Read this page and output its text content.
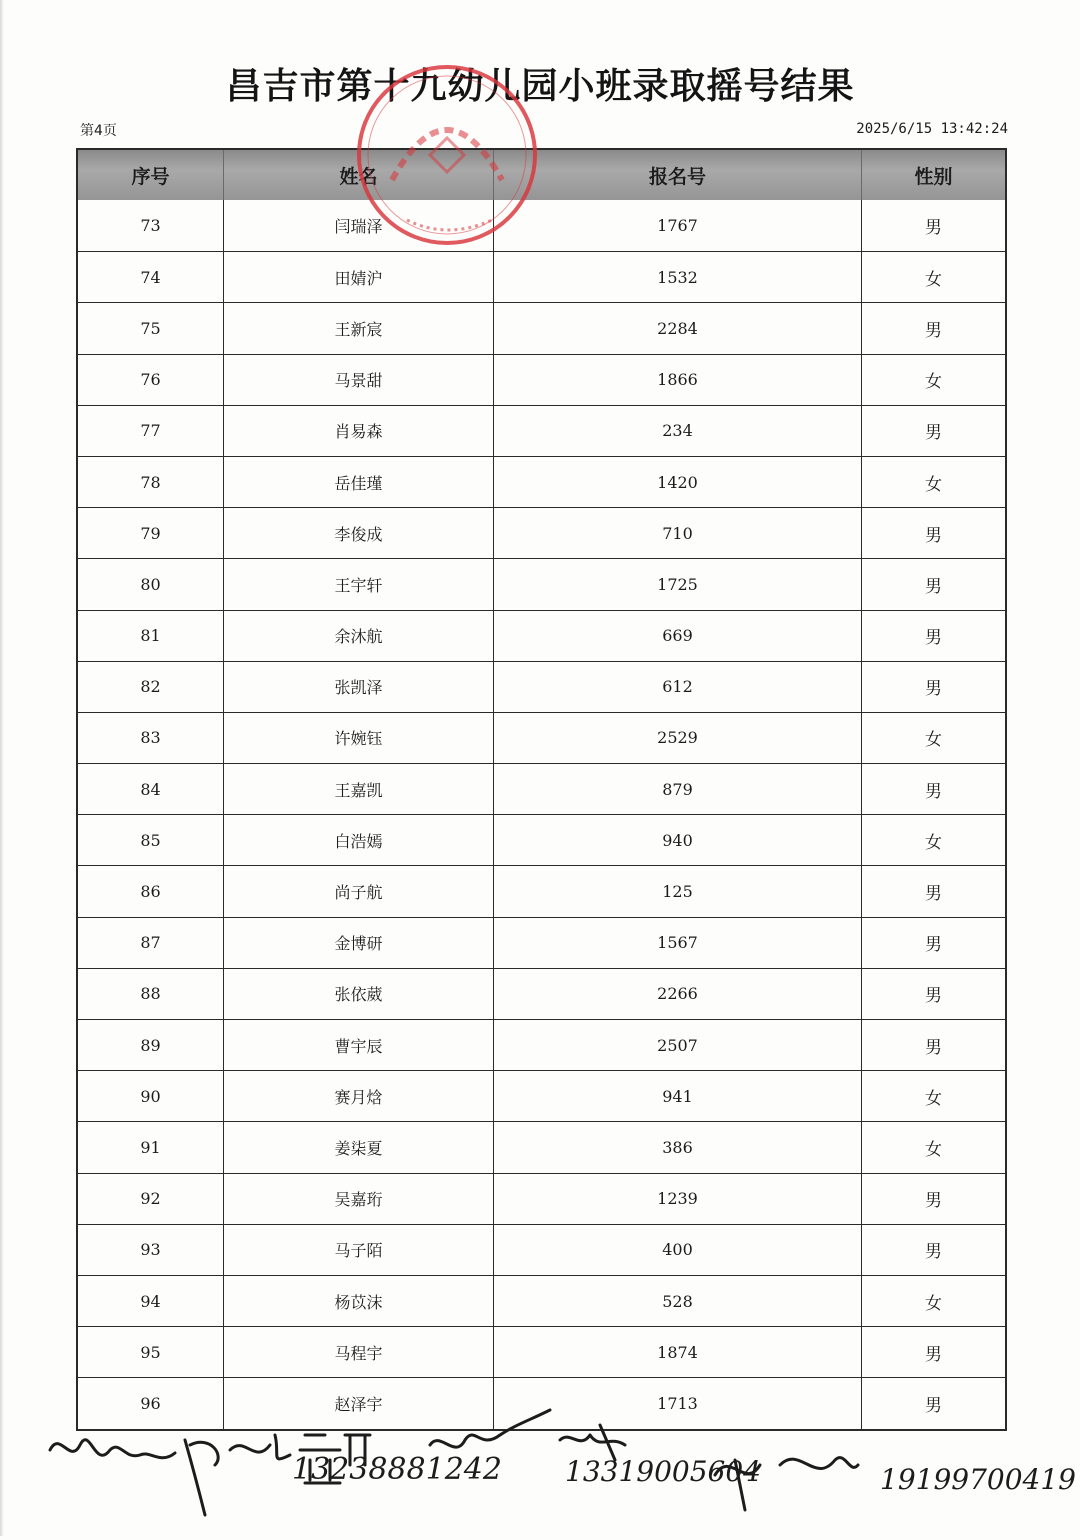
昌吉市第十九幼儿园小班录取摇号结果
第4页	2025/6/15 13:42:24
序号	姓名	报名号	性别
73	闫瑞泽	1767	男
74	田婧沪	1532	女
75	王新宸	2284	男
76	马景甜	1866	女
77	肖易森	234	男
78	岳佳瑾	1420	女
79	李俊成	710	男
80	王宇轩	1725	男
81	余沐航	669	男
82	张凯泽	612	男
83	许婉钰	2529	女
84	王嘉凯	879	男
85	白浩嫣	940	女
86	尚子航	125	男
87	金博研	1567	男
88	张依葳	2266	男
89	曹宇辰	2507	男
90	赛月焓	941	女
91	姜柒夏	386	女
92	吴嘉珩	1239	男
93	马子陌	400	男
94	杨苡沫	528	女
95	马程宇	1874	男
96	赵泽宇	1713	男
13238881242 13319005604	19199700419
